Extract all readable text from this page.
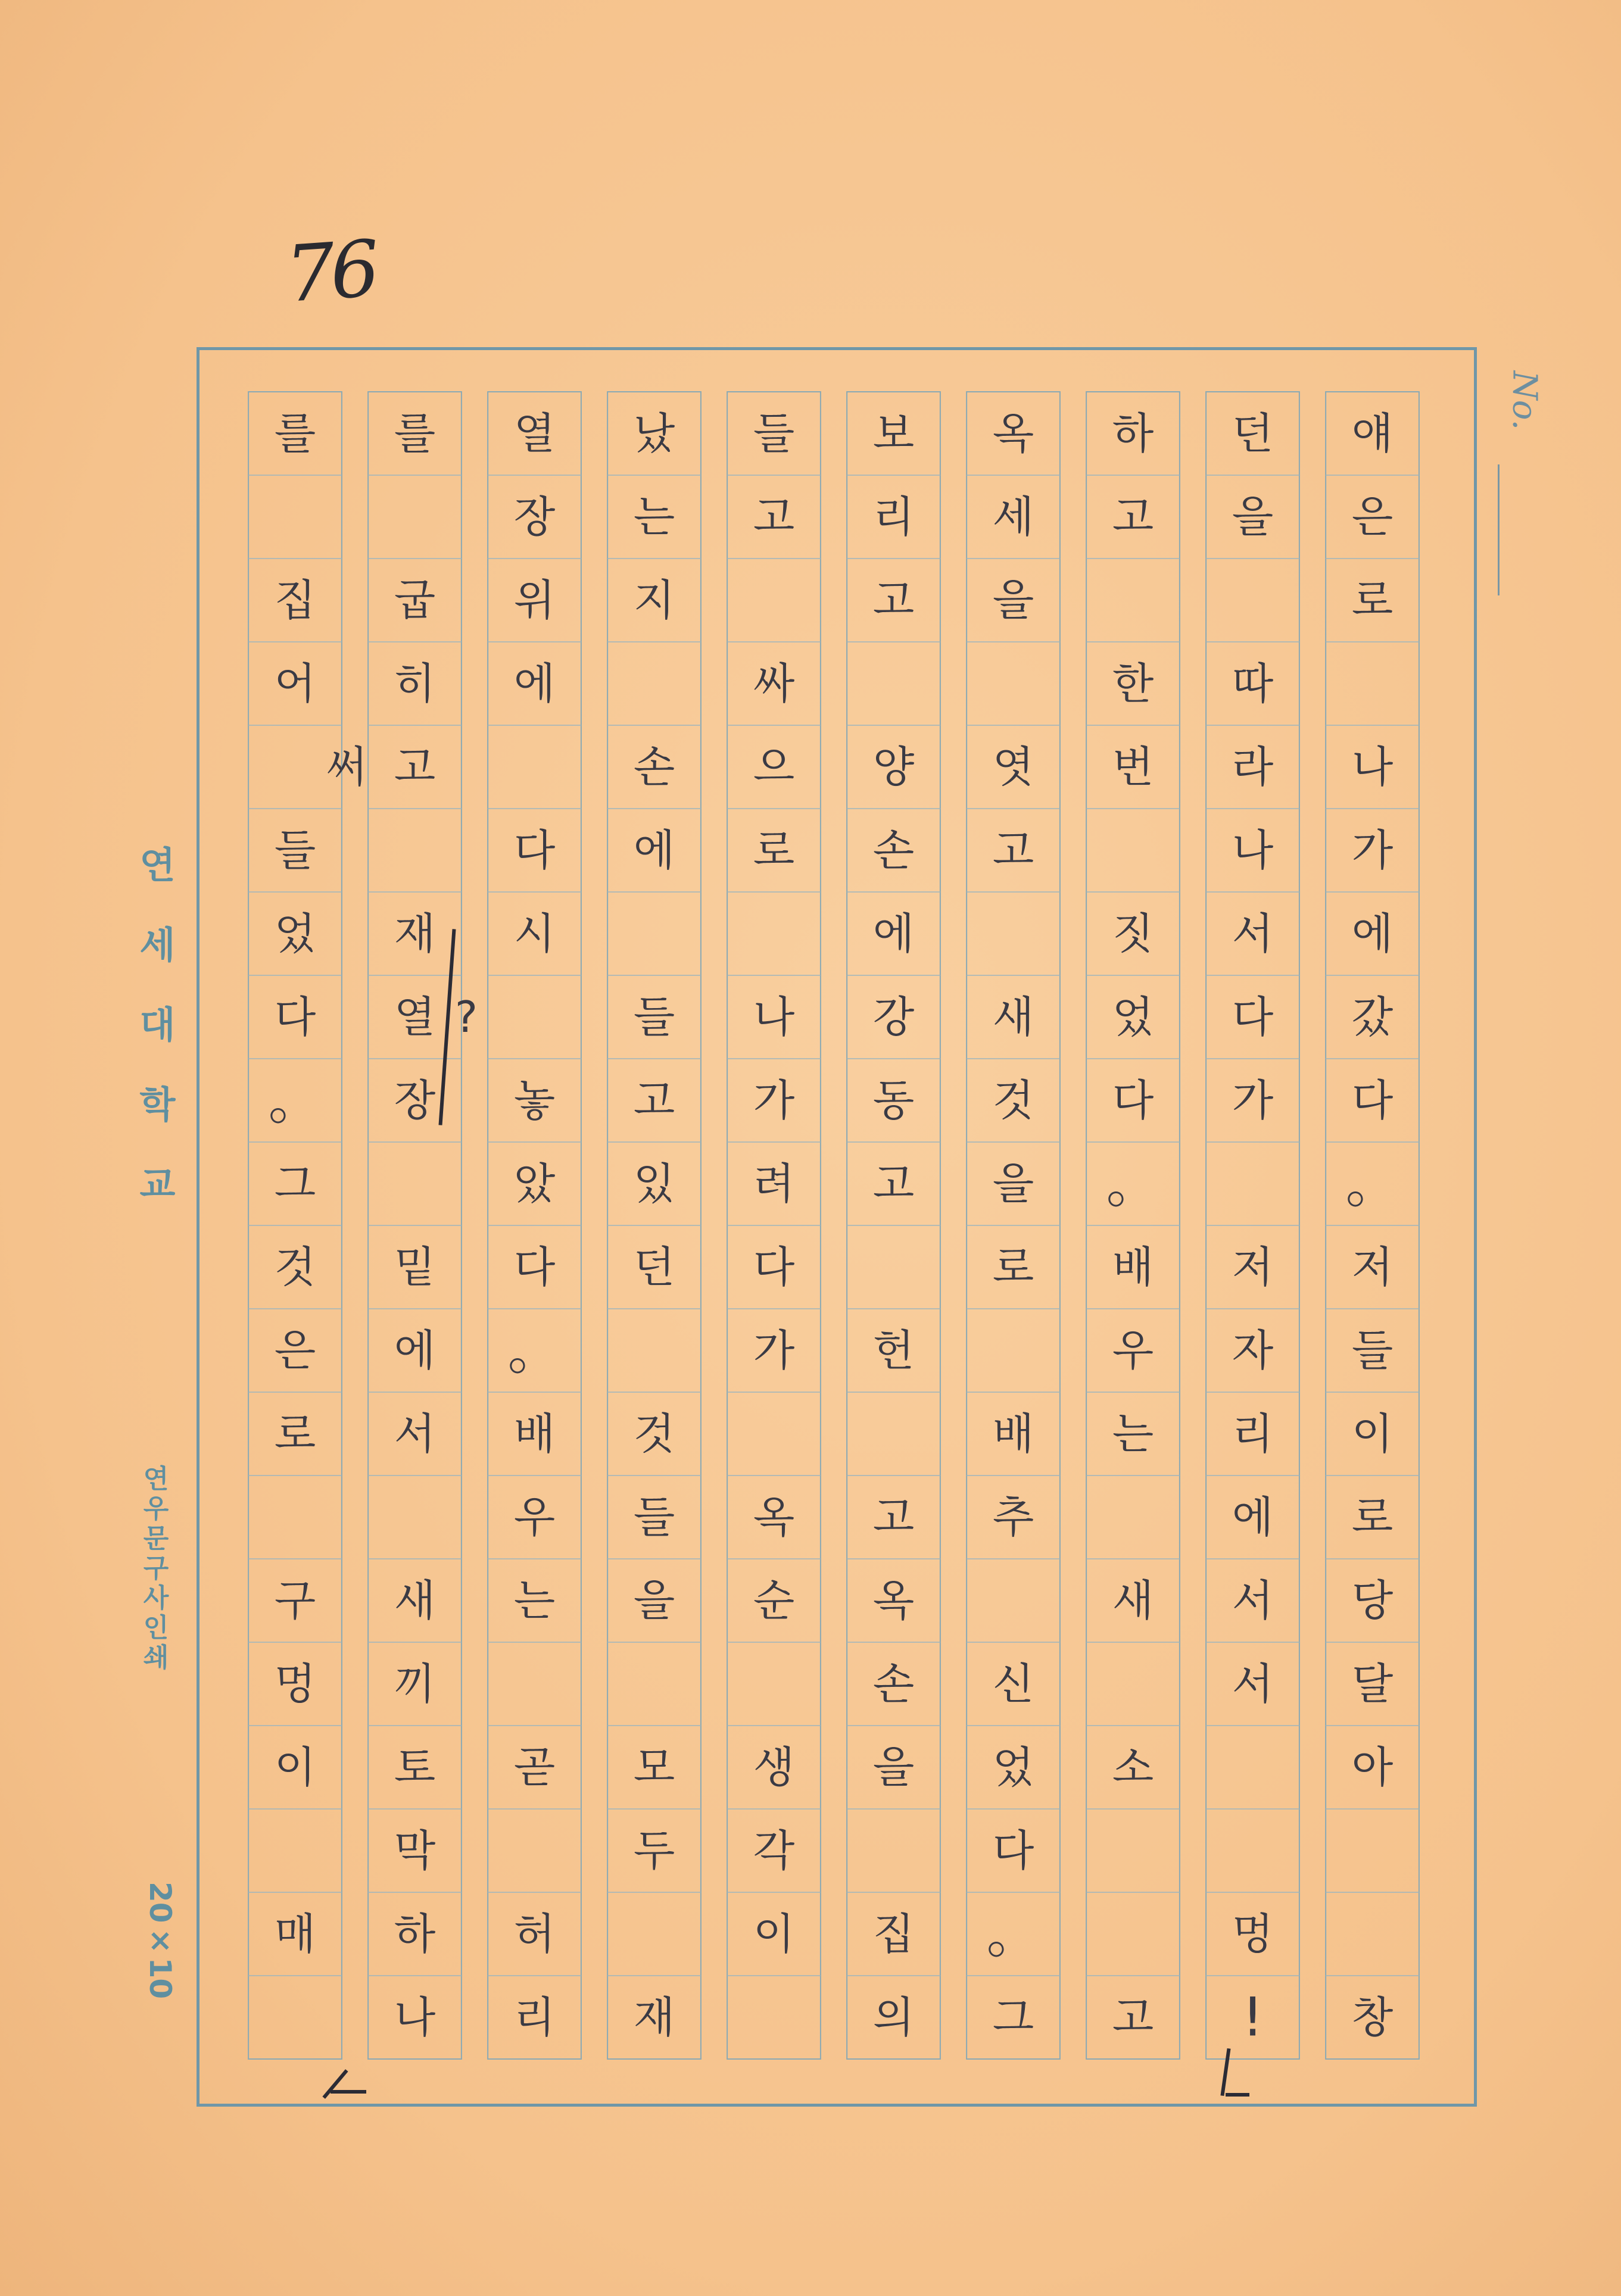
76
No.
얘
은
로
나
가
에
갔
다
。
저
들
이
로
당
달
아
창
던
을
따
라
나
서
다
가
저
자
리
에
서
서
멍
!
하
고
한
번
짓
었
다
。
배
우
는
새
소
고
옥
세
을
엿
고
새
것
을
로
배
추
신
었
다
。
그
보
리
고
양
손
에
강
동
고
헌
고
옥
손
을
집
의
들
고
싸
으
로
나
가
려
다
가
옥
순
생
각
이
났
는
지
손
에
들
고
있
던
것
들
을
모
두
재
열
장
위
에
다
시
놓
았
다
。
배
우
는
곧
허
리
를
굽
히
고
재
열
장
밑
에
서
새
끼
토
막
하
나
를
집
어
들
었
다
。
그
것
은
로
구
멍
이
매
써
?
연세대학교
연우문구사인쇄
20×10
